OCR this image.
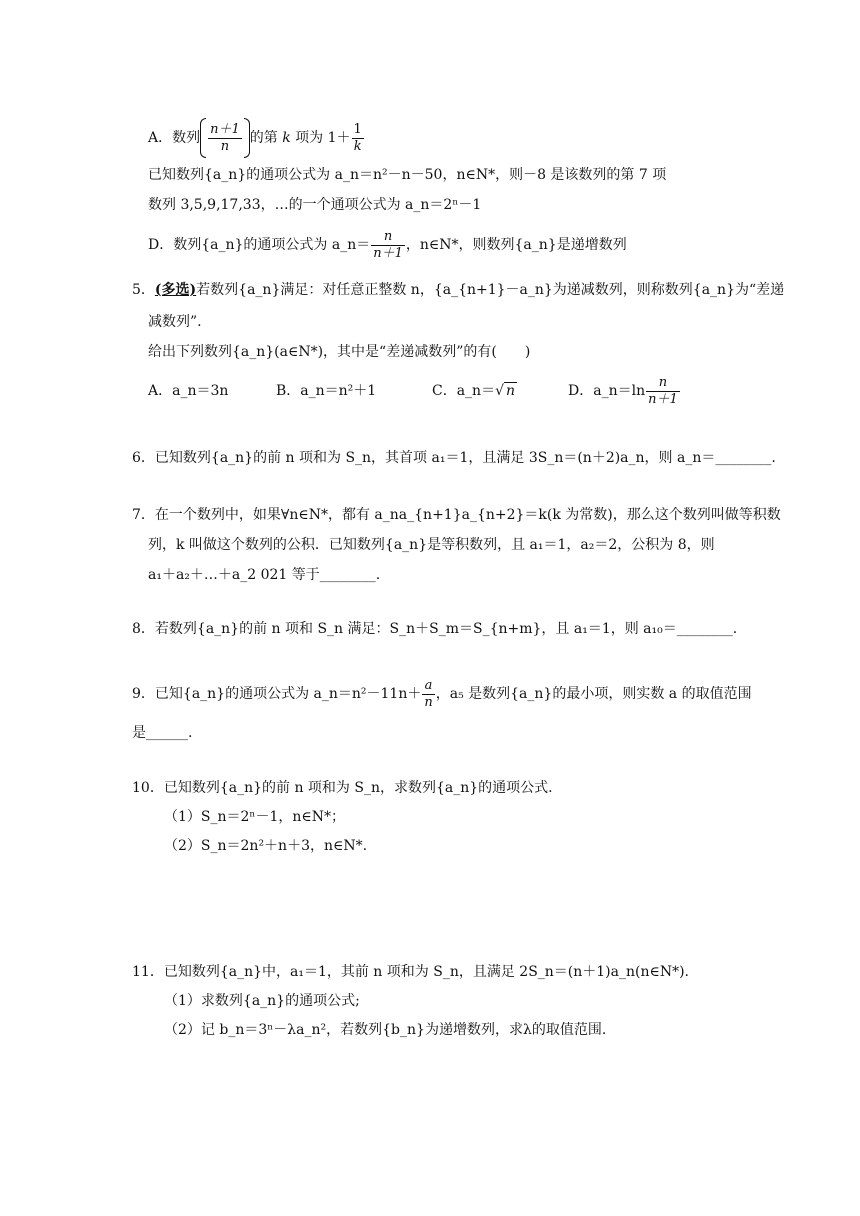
A．数列 $\frac{n+1}{n}$ 的第 k 项为 $1+ \frac{1}{k}$
已知数列{a_n}的通项公式为 a_n＝n²－n－50，n∈N*，则－8 是该数列的第 7 项
数列 3,5,9,17,33，…的一个通项公式为 a_n＝2ⁿ－1
D．数列{a_n}的通项公式为 a_n＝ $\frac{n}{n+1}$ ，n∈N*，则数列{a_n}是递增数列
5．(多选)若数列{a_n}满足：对任意正整数 n，{a_{n+1}－a_n}为递减数列，则称数列{a_n}为“差递
减数列”.
给出下列数列{a_n}(a∈N*)，其中是“差递减数列”的有(　　)
A．a_n＝3n	B．a_n＝n²＋1	C．a_n＝√ n	D．a_n＝ln $\frac{n}{n+1}$
6．已知数列{a_n}的前 n 项和为 S_n，其首项 a₁＝1，且满足 3S_n＝(n＋2)a_n，则 a_n＝________.
7．在一个数列中，如果∀n∈N*，都有 a_na_{n+1}a_{n+2}＝k(k 为常数)，那么这个数列叫做等积数
列，k 叫做这个数列的公积．已知数列{a_n}是等积数列，且 a₁＝1，a₂＝2，公积为 8，则
a₁＋a₂＋…＋a_2 021 等于________.
8．若数列{a_n}的前 n 项和 S_n 满足：S_n＋S_m＝S_{n+m}，且 a₁＝1，则 a₁₀＝________.
9．已知{a_n}的通项公式为 a_n＝n²－11n＋ $\frac{a}{n}$ ，a₅ 是数列{a_n}的最小项，则实数 a 的取值范围
是______.
10．已知数列{a_n}的前 n 项和为 S_n，求数列{a_n}的通项公式.
（1）S_n＝2ⁿ－1，n∈N*；
（2）S_n＝2n²＋n＋3，n∈N*.
11．已知数列{a_n}中，a₁＝1，其前 n 项和为 S_n，且满足 2S_n＝(n＋1)a_n(n∈N*).
（1）求数列{a_n}的通项公式;
（2）记 b_n＝3ⁿ－λa_n²，若数列{b_n}为递增数列，求λ的取值范围.
